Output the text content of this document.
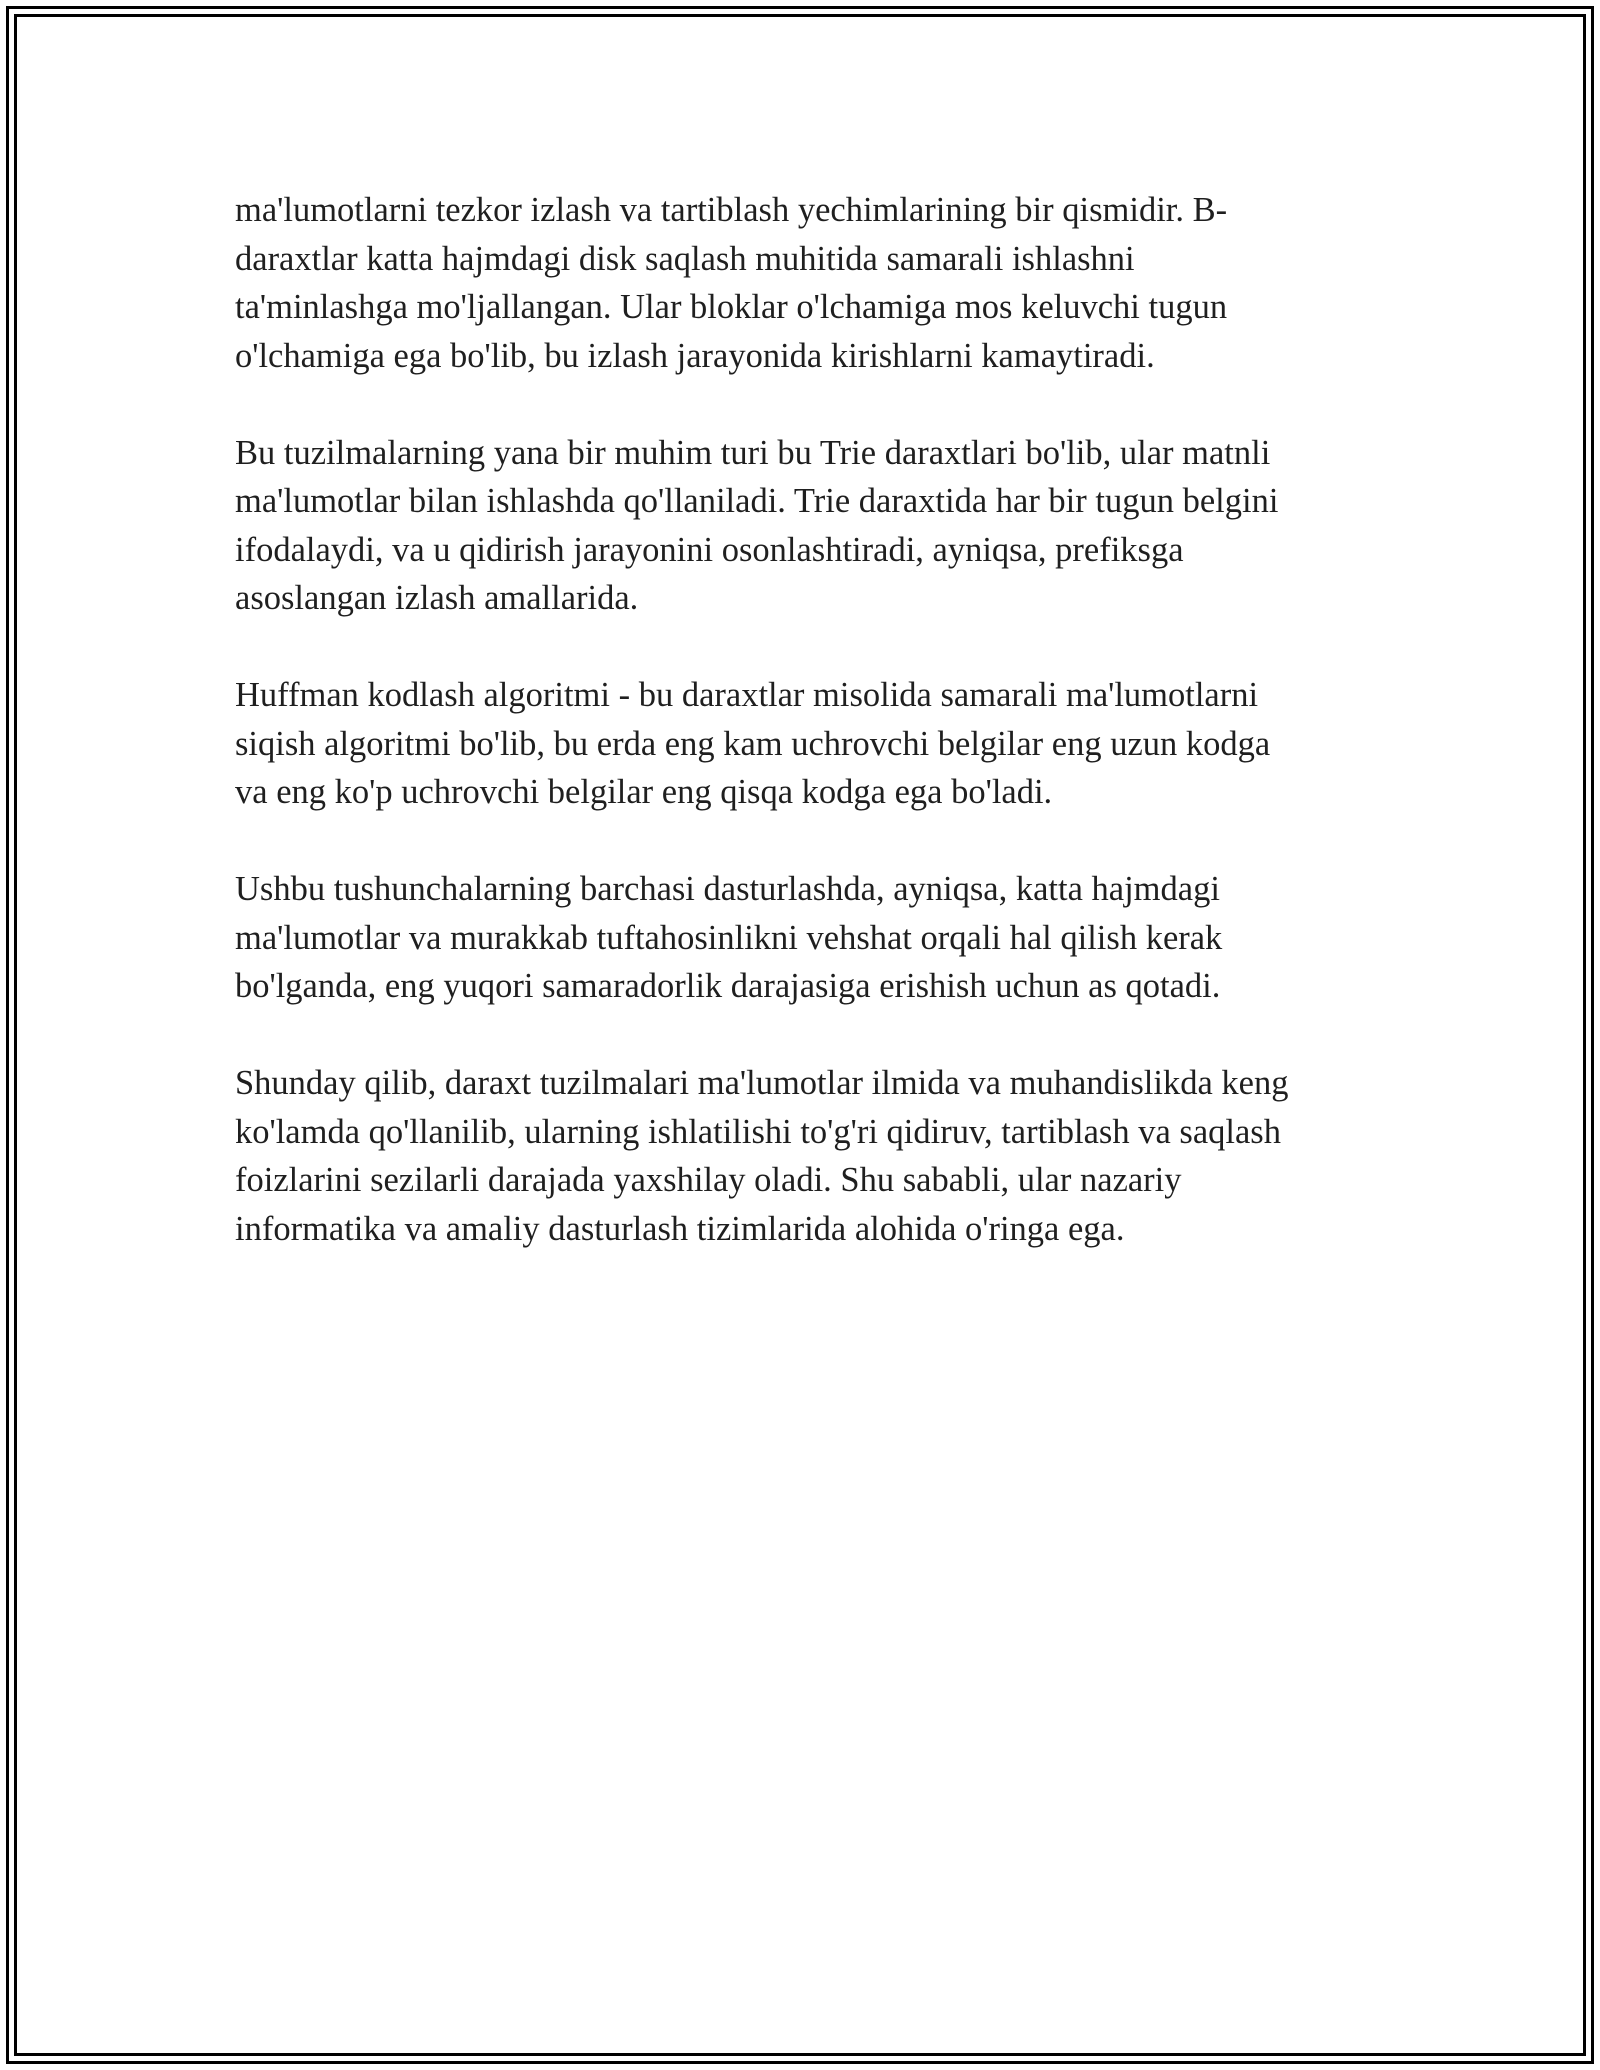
ma'lumotlarni tezkor izlash va tartiblash yechimlarining bir qismidir. B-
daraxtlar katta hajmdagi disk saqlash muhitida samarali ishlashni
ta'minlashga mo'ljallangan. Ular bloklar o'lchamiga mos keluvchi tugun
o'lchamiga ega bo'lib, bu izlash jarayonida kirishlarni kamaytiradi.

Bu tuzilmalarning yana bir muhim turi bu Trie daraxtlari bo'lib, ular matnli
ma'lumotlar bilan ishlashda qo'llaniladi. Trie daraxtida har bir tugun belgini
ifodalaydi, va u qidirish jarayonini osonlashtiradi, ayniqsa, prefiksga
asoslangan izlash amallarida.

Huffman kodlash algoritmi - bu daraxtlar misolida samarali ma'lumotlarni
siqish algoritmi bo'lib, bu erda eng kam uchrovchi belgilar eng uzun kodga
va eng ko'p uchrovchi belgilar eng qisqa kodga ega bo'ladi.

Ushbu tushunchalarning barchasi dasturlashda, ayniqsa, katta hajmdagi
ma'lumotlar va murakkab tuftahosinlikni vehshat orqali hal qilish kerak
bo'lganda, eng yuqori samaradorlik darajasiga erishish uchun as qotadi.

Shunday qilib, daraxt tuzilmalari ma'lumotlar ilmida va muhandislikda keng
ko'lamda qo'llanilib, ularning ishlatilishi to'g'ri qidiruv, tartiblash va saqlash
foizlarini sezilarli darajada yaxshilay oladi. Shu sababli, ular nazariy
informatika va amaliy dasturlash tizimlarida alohida o'ringa ega.
